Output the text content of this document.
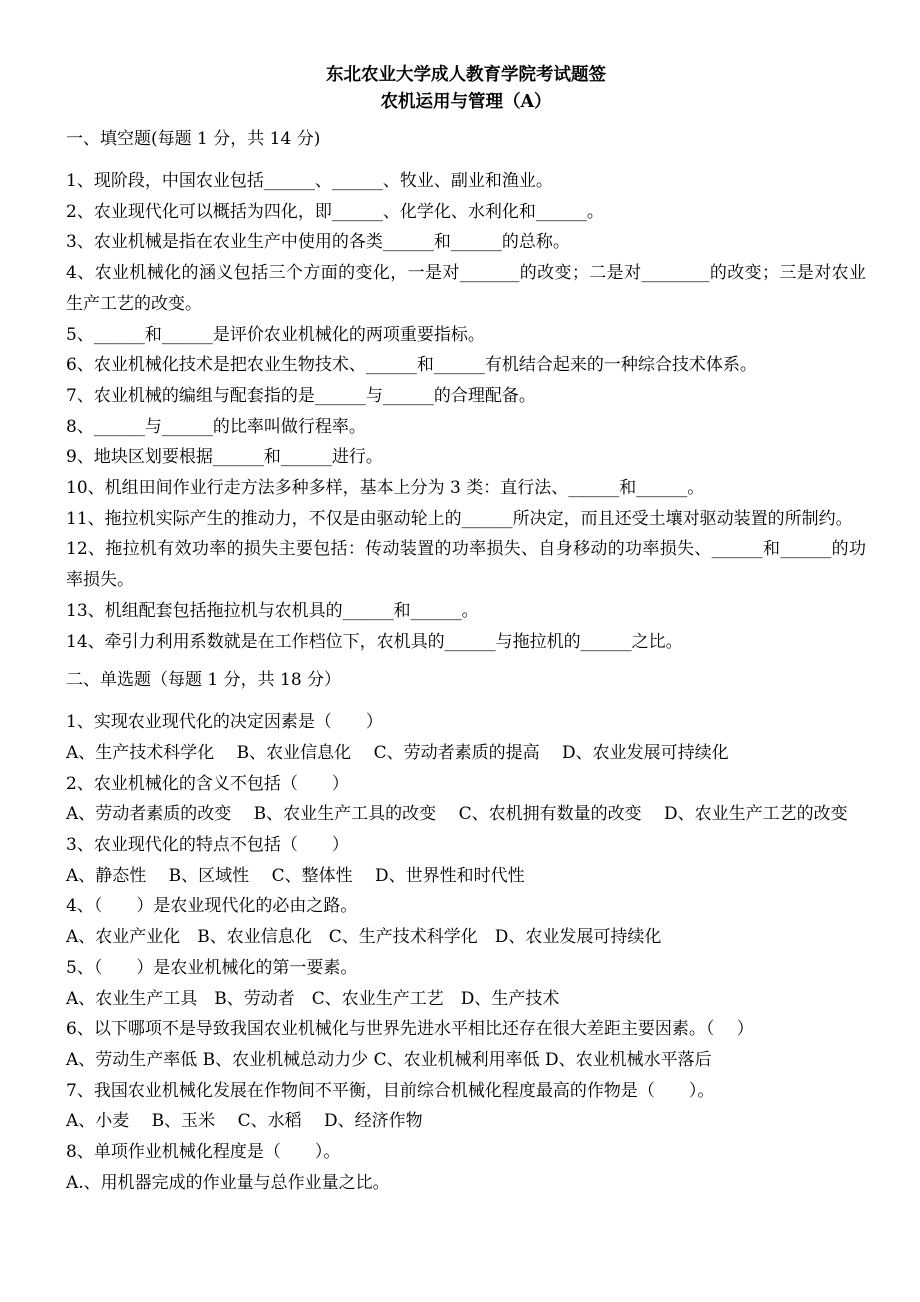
东北农业大学成人教育学院考试题签
农机运用与管理（A）
一、填空题(每题 1 分，共 14 分)
1、现阶段，中国农业包括______、______、牧业、副业和渔业。
2、农业现代化可以概括为四化，即______、化学化、水利化和______。
3、农业机械是指在农业生产中使用的各类______和______的总称。
4、农业机械化的涵义包括三个方面的变化，一是对_______的改变；二是对________的改变；三是对农业生产工艺的改变。
5、______和______是评价农业机械化的两项重要指标。
6、农业机械化技术是把农业生物技术、______和______有机结合起来的一种综合技术体系。
7、农业机械的编组与配套指的是______与______的合理配备。
8、______与______的比率叫做行程率。
9、地块区划要根据______和______进行。
10、机组田间作业行走方法多种多样，基本上分为 3 类：直行法、______和______。
11、拖拉机实际产生的推动力，不仅是由驱动轮上的______所决定，而且还受土壤对驱动装置的所制约。
12、拖拉机有效功率的损失主要包括：传动装置的功率损失、自身移动的功率损失、______和______的功率损失。
13、机组配套包括拖拉机与农机具的______和______。
14、牵引力利用系数就是在工作档位下，农机具的______与拖拉机的______之比。
二、单选题（每题 1 分，共 18 分）
1、实现农业现代化的决定因素是（　　）
A、生产技术科学化　 B、农业信息化　 C、劳动者素质的提高　 D、农业发展可持续化
2、农业机械化的含义不包括（　　）
A、劳动者素质的改变　 B、农业生产工具的改变　 C、农机拥有数量的改变　 D、农业生产工艺的改变
3、农业现代化的特点不包括（　　）
A、静态性　 B、区域性　 C、整体性　 D、世界性和时代性
4、（　　）是农业现代化的必由之路。
A、农业产业化　B、农业信息化　C、生产技术科学化　D、农业发展可持续化
5、（　　）是农业机械化的第一要素。
A、农业生产工具　B、劳动者　C、农业生产工艺　D、生产技术
6、以下哪项不是导致我国农业机械化与世界先进水平相比还存在很大差距主要因素。（　 ）
A、劳动生产率低 B、农业机械总动力少 C、农业机械利用率低 D、农业机械水平落后
7、我国农业机械化发展在作物间不平衡，目前综合机械化程度最高的作物是（　　）。
A、小麦　 B、玉米　 C、水稻　 D、经济作物
8、单项作业机械化程度是（　　）。
A.、用机器完成的作业量与总作业量之比。
